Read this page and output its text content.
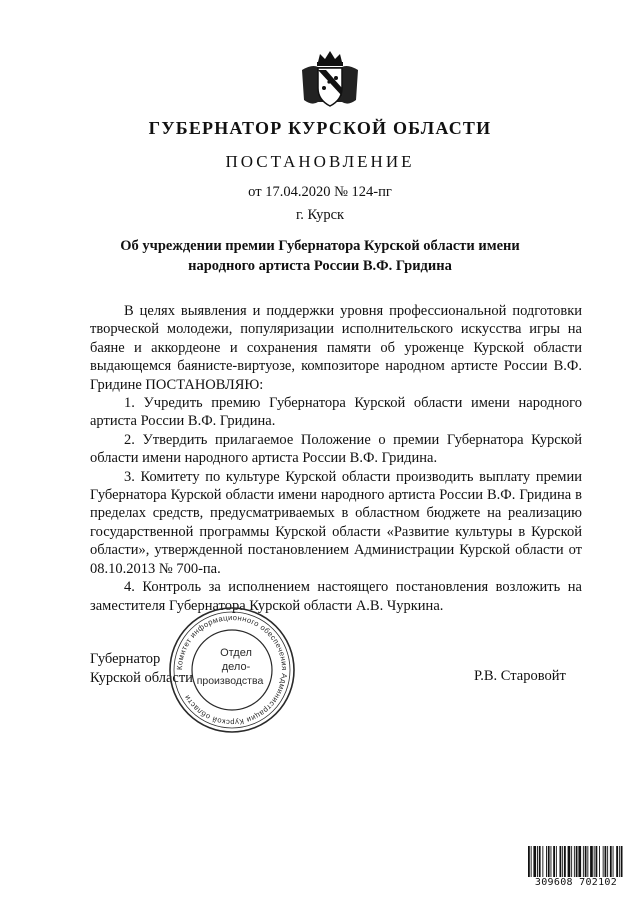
ГУБЕРНАТОР КУРСКОЙ ОБЛАСТИ
ПОСТАНОВЛЕНИЕ
от 17.04.2020 № 124-пг
г. Курск
Об учреждении премии Губернатора Курской области имени народного артиста России В.Ф. Гридина

В целях выявления и поддержки уровня профессиональной подготовки творческой молодежи, популяризации исполнительского искусства игры на баяне и аккордеоне и сохранения памяти об уроженце Курской области выдающемся баянисте-виртуозе, композиторе народном артисте России В.Ф. Гридине ПОСТАНОВЛЯЮ:

1. Учредить премию Губернатора Курской области имени народного артиста России В.Ф. Гридина.

2. Утвердить прилагаемое Положение о премии Губернатора Курской области имени народного артиста России В.Ф. Гридина.

3. Комитету по культуре Курской области производить выплату премии Губернатора Курской области имени народного артиста России В.Ф. Гридина в пределах средств, предусматриваемых в областном бюджете на реализацию государственной программы Курской области «Развитие культуры в Курской области», утвержденной постановлением Администрации Курской области от 08.10.2013 № 700-па.

4. Контроль за исполнением настоящего постановления возложить на заместителя Губернатора Курской области А.В. Чуркина.

Губернатор
Курской области	Р.В. Старовойт
Комитет информационного обеспечения Администрации Курской области
Отдел
дело-
производства
309608 702102
